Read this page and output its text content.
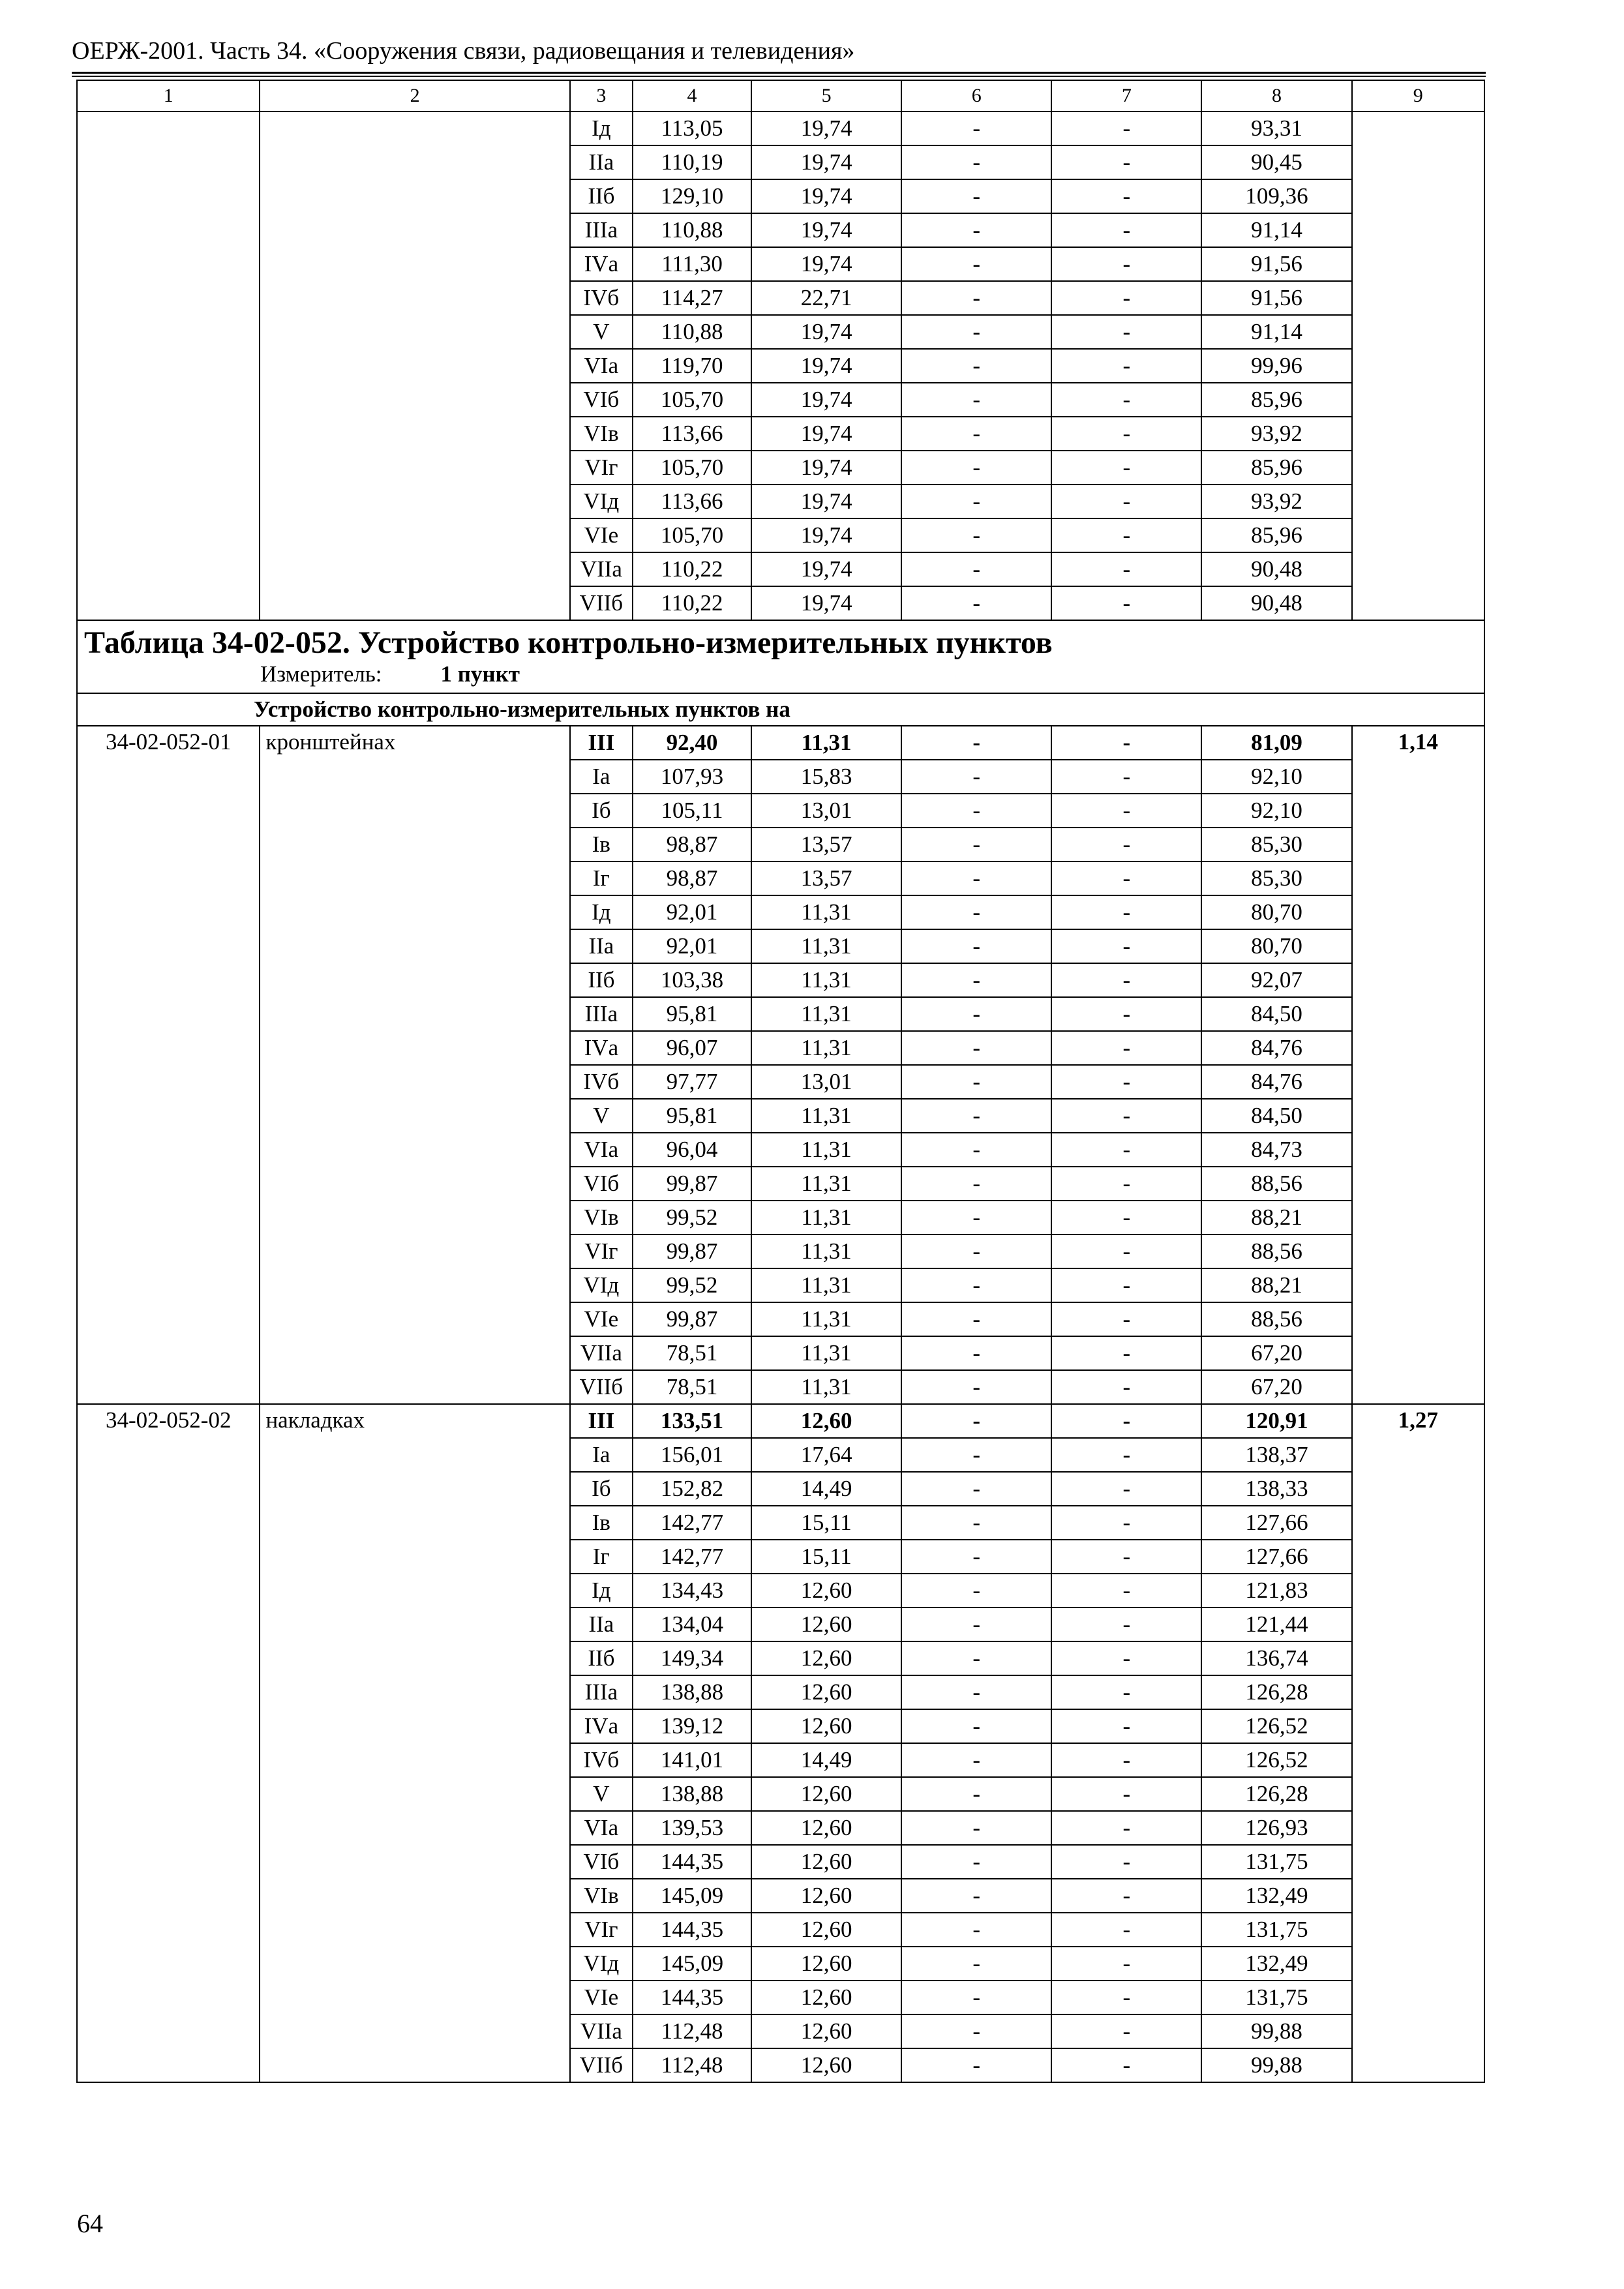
ОЕРЖ-2001. Часть 34. «Сооружения связи, радиовещания и телевидения»
1	2	3	4	5	6	7	8	9
		Iд	113,05	19,74	-	-	93,31	
		IIа	110,19	19,74	-	-	90,45	
		IIб	129,10	19,74	-	-	109,36	
		IIIа	110,88	19,74	-	-	91,14	
		IVа	111,30	19,74	-	-	91,56	
		IVб	114,27	22,71	-	-	91,56	
		V	110,88	19,74	-	-	91,14	
		VIа	119,70	19,74	-	-	99,96	
		VIб	105,70	19,74	-	-	85,96	
		VIв	113,66	19,74	-	-	93,92	
		VIг	105,70	19,74	-	-	85,96	
		VIд	113,66	19,74	-	-	93,92	
		VIе	105,70	19,74	-	-	85,96	
		VIIа	110,22	19,74	-	-	90,48	
		VIIб	110,22	19,74	-	-	90,48	

Таблица 34-02-052. Устройство контрольно-измерительных пунктов
Измеритель: 1 пункт								

Устройство контрольно-измерительных пунктов на								
34-02-052-01	кронштейнах	III	92,40	11,31	-	-	81,09	1,14
		Iа	107,93	15,83	-	-	92,10	
		Iб	105,11	13,01	-	-	92,10	
		Iв	98,87	13,57	-	-	85,30	
		Iг	98,87	13,57	-	-	85,30	
		Iд	92,01	11,31	-	-	80,70	
		IIа	92,01	11,31	-	-	80,70	
		IIб	103,38	11,31	-	-	92,07	
		IIIа	95,81	11,31	-	-	84,50	
		IVа	96,07	11,31	-	-	84,76	
		IVб	97,77	13,01	-	-	84,76	
		V	95,81	11,31	-	-	84,50	
		VIа	96,04	11,31	-	-	84,73	
		VIб	99,87	11,31	-	-	88,56	
		VIв	99,52	11,31	-	-	88,21	
		VIг	99,87	11,31	-	-	88,56	
		VIд	99,52	11,31	-	-	88,21	
		VIе	99,87	11,31	-	-	88,56	
		VIIа	78,51	11,31	-	-	67,20	
		VIIб	78,51	11,31	-	-	67,20	
34-02-052-02	накладках	III	133,51	12,60	-	-	120,91	1,27
		Iа	156,01	17,64	-	-	138,37	
		Iб	152,82	14,49	-	-	138,33	
		Iв	142,77	15,11	-	-	127,66	
		Iг	142,77	15,11	-	-	127,66	
		Iд	134,43	12,60	-	-	121,83	
		IIа	134,04	12,60	-	-	121,44	
		IIб	149,34	12,60	-	-	136,74	
		IIIа	138,88	12,60	-	-	126,28	
		IVа	139,12	12,60	-	-	126,52	
		IVб	141,01	14,49	-	-	126,52	
		V	138,88	12,60	-	-	126,28	
		VIа	139,53	12,60	-	-	126,93	
		VIб	144,35	12,60	-	-	131,75	
		VIв	145,09	12,60	-	-	132,49	
		VIг	144,35	12,60	-	-	131,75	
		VIд	145,09	12,60	-	-	132,49	
		VIе	144,35	12,60	-	-	131,75	
		VIIа	112,48	12,60	-	-	99,88	
		VIIб	112,48	12,60	-	-	99,88	
64
